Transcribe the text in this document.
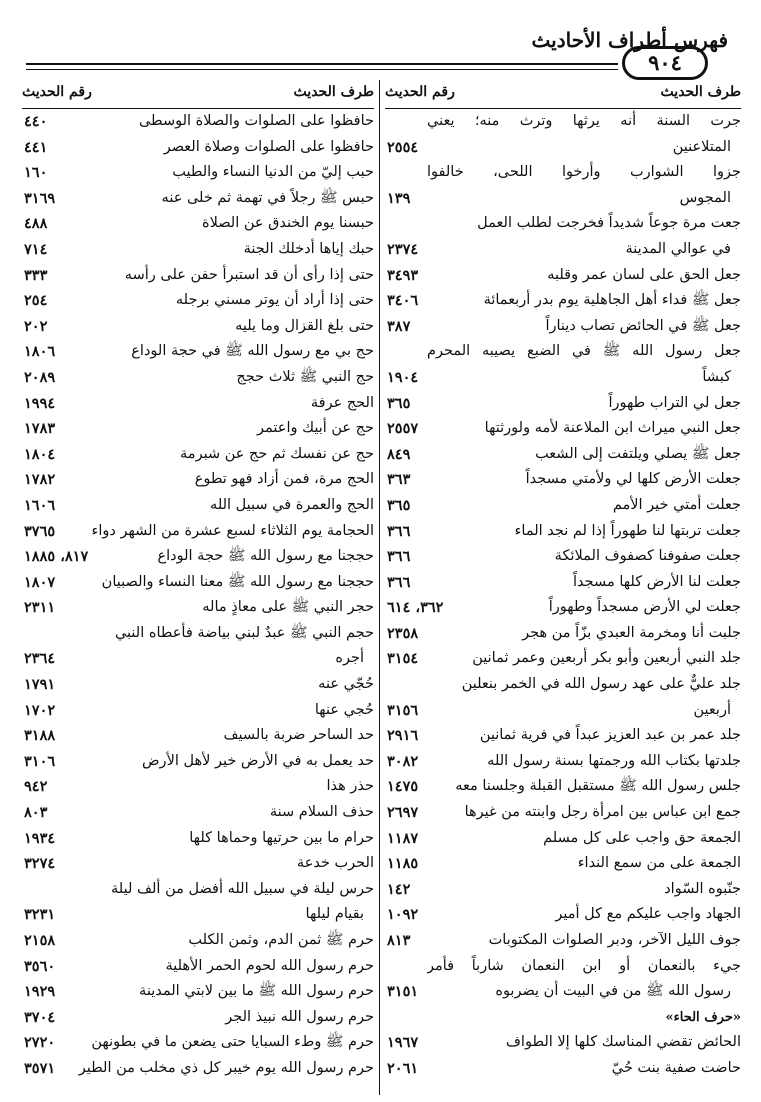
فهرس أطراف الأحاديث
٩٠٤
طرف الحديث
رقم الحديث
جرت السنة أنه يرثها وترث منه؛ يعني
المتلاعنين
٢٥٥٤
جزوا الشوارب وأرخوا اللحى، خالفوا
المجوس
١٣٩
جعت مرة جوعاً شديداً فخرجت لطلب العمل
في عوالي المدينة
٢٣٧٤
جعل الحق على لسان عمر وقلبه
٣٤٩٣
جعل ﷺ فداء أهل الجاهلية يوم بدر أربعمائة
٣٤٠٦
جعل ﷺ في الحائض تصاب ديناراً
٣٨٧
جعل رسول الله ﷺ في الضبع يصيبه المحرم
كبشاً
١٩٠٤
جعل لي التراب طهوراً
٣٦٥
جعل النبي ميراث ابن الملاعنة لأمه ولورثتها
٢٥٥٧
جعل ﷺ يصلي ويلتفت إلى الشعب
٨٤٩
جعلت الأرض كلها لي ولأمتي مسجداً
٣٦٣
جعلت أمتي خير الأمم
٣٦٥
جعلت تربتها لنا طهوراً إذا لم نجد الماء
٣٦٦
جعلت صفوفنا كصفوف الملائكة
٣٦٦
جعلت لنا الأرض كلها مسجداً
٣٦٦
جعلت لي الأرض مسجداً وطهوراً
٣٦٢، ٦١٤
جلبت أنا ومخرمة العبدي بزّاً من هجر
٢٣٥٨
جلد النبي أربعين وأبو بكر أربعين وعمر ثمانين
٣١٥٤
جلد عليٌّ على عهد رسول الله في الخمر بنعلين
أربعين
٣١٥٦
جلد عمر بن عبد العزيز عبداً في فرية ثمانين
٢٩١٦
جلدتها بكتاب الله ورجمتها بسنة رسول الله
٣٠٨٢
جلس رسول الله ﷺ مستقبل القبلة وجلسنا معه
١٤٧٥
جمع ابن عباس بين امرأة رجل وابنته من غيرها
٢٦٩٧
الجمعة حق واجب على كل مسلم
١١٨٧
الجمعة على من سمع النداء
١١٨٥
جنّبوه السّواد
١٤٢
الجهاد واجب عليكم مع كل أمير
١٠٩٢
جوف الليل الآخر، ودبر الصلوات المكتوبات
٨١٣
جيء بالنعمان أو ابن النعمان شارباً فأمر
رسول الله ﷺ من في البيت أن يضربوه
٣١٥١
«حرف الحاء»
الحائض تقضي المناسك كلها إلا الطواف
١٩٦٧
حاضت صفية بنت حُيّ
٢٠٦١
طرف الحديث
رقم الحديث
حافظوا على الصلوات والصلاة الوسطى
٤٤٠
حافظوا على الصلوات وصلاة العصر
٤٤١
حبب إليّ من الدنيا النساء والطيب
١٦٠
حبس ﷺ رجلاً في تهمة ثم خلى عنه
٣١٦٩
حبسنا يوم الخندق عن الصلاة
٤٨٨
حبك إياها أدخلك الجنة
٧١٤
حتى إذا رأى أن قد استبرأ حفن على رأسه
٣٣٣
حتى إذا أراد أن يوتر مسني برجله
٢٥٤
حتى بلغ القزال وما يليه
٢٠٢
حج بي مع رسول الله ﷺ في حجة الوداع
١٨٠٦
حج النبي ﷺ ثلاث حجج
٢٠٨٩
الحج عرفة
١٩٩٤
حج عن أبيك واعتمر
١٧٨٣
حج عن نفسك ثم حج عن شبرمة
١٨٠٤
الحج مرة، فمن أزاد فهو تطوع
١٧٨٢
الحج والعمرة في سبيل الله
١٦٠٦
الحجامة يوم الثلاثاء لسبع عشرة من الشهر دواء
٣٧٦٥
حججنا مع رسول الله ﷺ حجة الوداع
٨١٧، ١٨٨٥
حججنا مع رسول الله ﷺ معنا النساء والصبيان
١٨٠٧
حجر النبي ﷺ على معاذٍ ماله
٢٣١١
حجم النبي ﷺ عبدٌ لبني بياضة فأعطاه النبي
أجره
٢٣٦٤
حُجّي عنه
١٧٩١
حُجي عنها
١٧٠٢
حد الساحر ضربة بالسيف
٣١٨٨
حد يعمل به في الأرض خير لأهل الأرض
٣١٠٦
حذر هذا
٩٤٢
حذف السلام سنة
٨٠٣
حرام ما بين حرتيها وحماها كلها
١٩٣٤
الحرب خدعة
٣٢٧٤
حرس ليلة في سبيل الله أفضل من ألف ليلة
بقيام ليلها
٣٢٣١
حرم ﷺ ثمن الدم، وثمن الكلب
٢١٥٨
حرم رسول الله لحوم الحمر الأهلية
٣٥٦٠
حرم رسول الله ﷺ ما بين لابتي المدينة
١٩٢٩
حرم رسول الله نبيذ الجر
٣٧٠٤
حرم ﷺ وطء السبايا حتى يضعن ما في بطونهن
٢٧٢٠
حرم رسول الله يوم خيبر كل ذي مخلب من الطير
٣٥٧١
